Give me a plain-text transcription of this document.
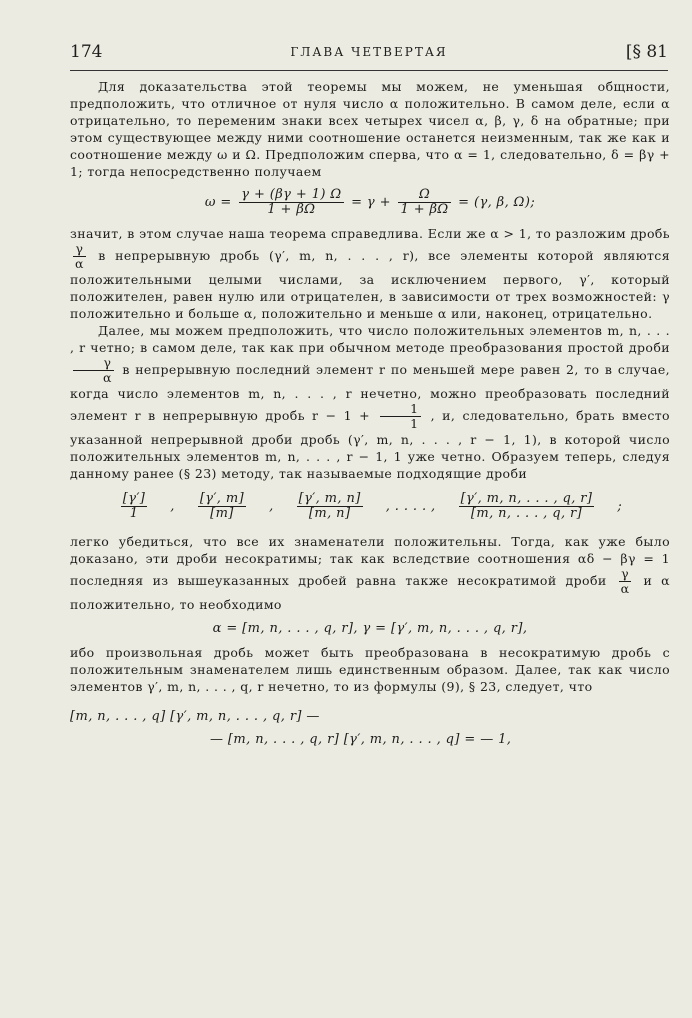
174	ГЛАВА ЧЕТВЕРТАЯ	[§ 81

Для доказательства этой теоремы мы можем, не уменьшая общности, предположить, что отличное от нуля число α положительно. В самом деле, если α отрицательно, то переменим знаки всех четырех чисел α, β, γ, δ на обратные; при этом существующее между ними соотношение останется неизменным, так же как и соотношение между ω и Ω. Предположим сперва, что α = 1, следовательно, δ = βγ + 1; тогда непосредственно получаем

$\omega = \frac{\gamma + (\beta\gamma + 1) \Omega}{1 + \beta\Omega} = \gamma + \frac{\Omega}{1 + \beta\Omega} = (\gamma$, β, Ω);

значит, в этом случае наша теорема справедлива. Если же α > 1, то разложим дробь
$\frac{\gamma}{\alpha}$ в непрерывную дробь (γ′, m, n, . . . , r), все элементы которой являются положительными целыми числами, за исключением первого, γ′, который положителен, равен нулю или отрицателен, в зависимости от трех возможностей: γ положительно и больше α, положительно и меньше α или, наконец, отрицательно.

Далее, мы можем предположить, что число положительных элементов m, n, . . . , r четно; в самом деле, так как при обычном методе преобразования простой дроби
$\frac{\gamma}{\alpha}$ в непрерывную последний элемент r по меньшей мере равен 2, то в случае, когда число элементов m, n, . . . , r нечетно, можно преобразовать последний элемент r в непрерывную дробь $r - 1 + \frac{1}{1}$ , и, следовательно, брать вместо указанной непрерывной дроби дробь (γ′, m, n, . . . , r − 1, 1), в которой число положительных элементов m, n, . . . , r − 1, 1 уже четно. Образуем теперь, следуя данному ранее (§ 23) методу, так называемые подходящие дроби

$\frac{[\gamma']}{1}$ , $\frac{[\gamma', m]}{[m]}$ , $\frac{[\gamma', m, n]}{[m, n]}$ , . . . . , $\frac{[\gamma', m, n, . . . , q, r]}{[m, n, . . . , q, r]}$ ;

легко убедиться, что все их знаменатели положительны. Тогда, как уже было доказано, эти дроби несократимы; так как вследствие соотношения αδ − βγ = 1 последняя из вышеуказанных дробей равна также несократимой дроби $\frac{\gamma}{\alpha}$ и α положительно, то необходимо

α = [m, n, . . . , q, r], γ = [γ′, m, n, . . . , q, r],

ибо произвольная дробь может быть преобразована в несократимую дробь с положительным знаменателем лишь единственным образом. Далее, так как число элементов γ′, m, n, . . . , q, r нечетно, то из формулы (9), § 23, следует, что

[m, n, . . . , q] [γ′, m, n, . . . , q, r] —
— [m, n, . . . , q, r] [γ′, m, n, . . . , q] = — 1,
